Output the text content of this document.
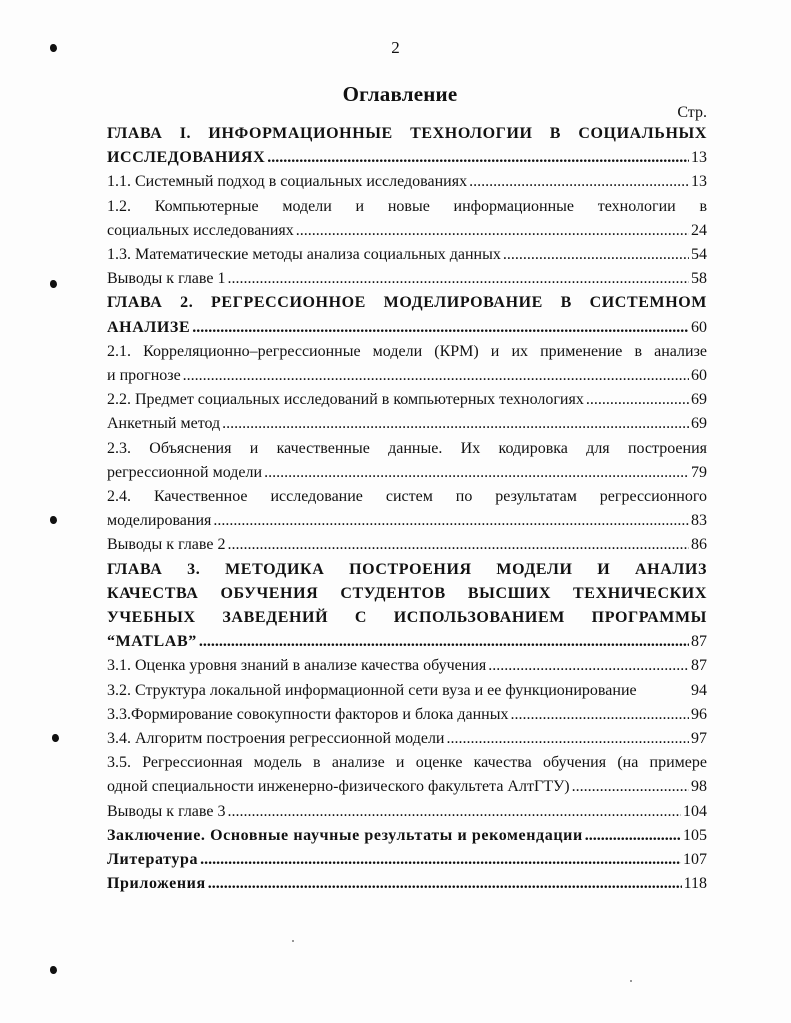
2
Оглавление
Стр.
ГЛАВА I. ИНФОРМАЦИОННЫЕ ТЕХНОЛОГИИ В СОЦИАЛЬНЫХ
ИССЛЕДОВАНИЯХ . . .	13
1.1. Системный подход в социальных исследованиях . . .	13
1.2. Компьютерные модели и новые информационные технологии в
социальных исследованиях . . .	24
1.3. Математические методы анализа социальных данных . . .	54
Выводы к главе 1 . . .	58
ГЛАВА 2. РЕГРЕССИОННОЕ МОДЕЛИРОВАНИЕ В СИСТЕМНОМ
АНАЛИЗЕ . . .	60
2.1. Корреляционно–регрессионные модели (КРМ) и их применение в анализе
и прогнозе . . .	60
2.2. Предмет социальных исследований в компьютерных технологиях . . .	69
Анкетный метод . . .	69
2.3. Объяснения и качественные данные. Их кодировка для построения
регрессионной модели . . .	79
2.4. Качественное исследование систем по результатам регрессионного
моделирования . . .	83
Выводы к главе 2 . . .	86
ГЛАВА 3. МЕТОДИКА ПОСТРОЕНИЯ МОДЕЛИ И АНАЛИЗ
КАЧЕСТВА ОБУЧЕНИЯ СТУДЕНТОВ ВЫСШИХ ТЕХНИЧЕСКИХ
УЧЕБНЫХ ЗАВЕДЕНИЙ С ИСПОЛЬЗОВАНИЕМ ПРОГРАММЫ
“MATLAB” . . .	87
3.1. Оценка уровня знаний в анализе качества обучения . . .	87
3.2. Структура локальной информационной сети вуза и ее функционирование	94
3.3.Формирование совокупности факторов и блока данных . . .	96
3.4. Алгоритм построения регрессионной модели . . .	97
3.5. Регрессионная модель в анализе и оценке качества обучения (на примере
одной специальности инженерно-физического факультета АлтГТУ) . . .	98
Выводы к главе 3 . . .	104
Заключение. Основные научные результаты и рекомендации . . .	105
Литература . . .	107
Приложения . . .	118
